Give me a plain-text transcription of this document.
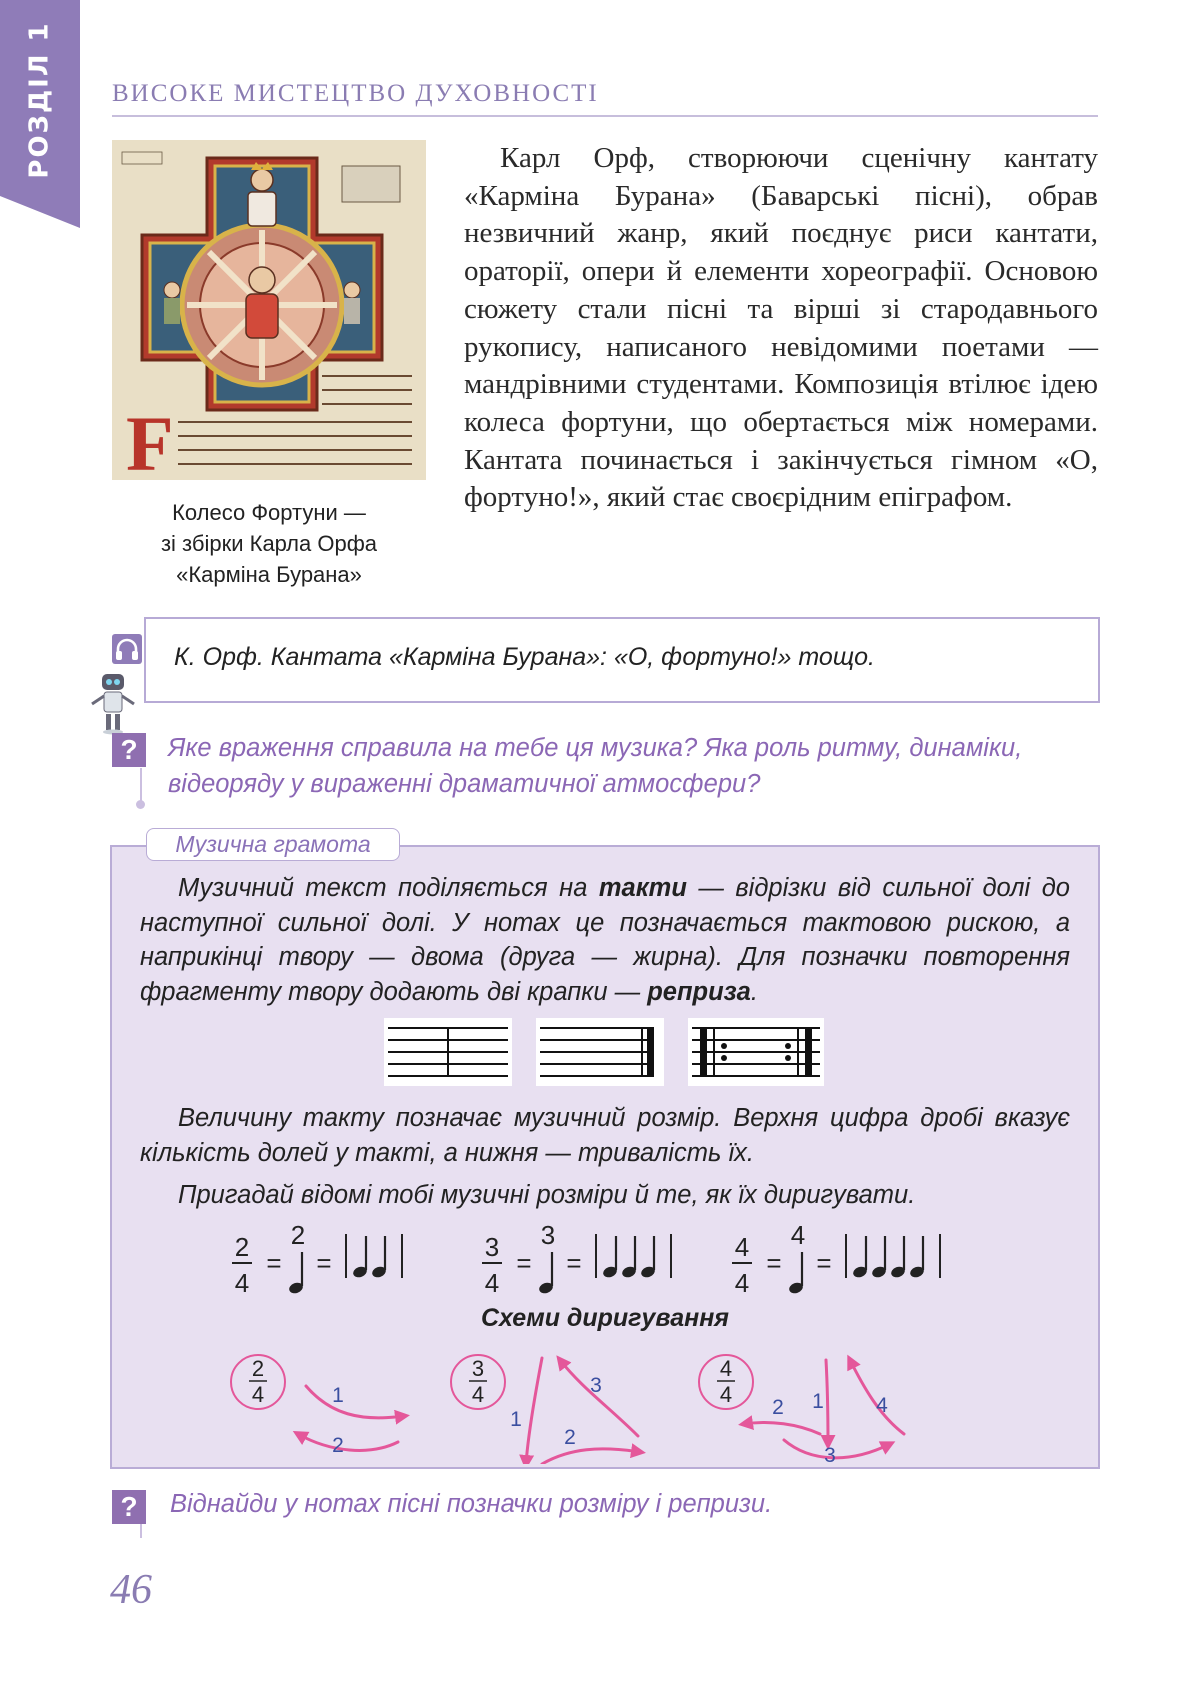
РОЗДІЛ 1 ВИСОКЕ МИСТЕЦТВО ДУХОВНОСТІ
F
Колесо Фортуни —
зі збірки Карла Орфа
«Карміна Бурана»

Карл Орф, створюючи сценічну кантату «Карміна Бурана» (Баварські пісні), обрав незвичний жанр, який поєднує риси кантати, ораторії, опери й елементи хореографії. Основою сюжету стали пісні та вірші зі стародавнього рукопису, написаного невідомими поетами — мандрівними студентами. Композиція втілює ідею колеса фортуни, що обертається між номерами. Кантата починається і закінчується гімном «О, фортуно!», який стає своєрідним епіграфом.

К. Орф. Кантата «Карміна Бурана»: «О, фортуно!» тощо.
?	Яке враження справила на тебе ця музика? Яка роль ритму, динаміки, відеоряду у вираженні драматичної атмосфери?
Музична грамота

Музичний текст поділяється на такти — відрізки від сильної долі до наступної сильної долі. У нотах це позначається тактовою рискою, а наприкінці твору — двома (друга — жирна). Для позначки повторення фрагменту твору додають дві крапки — реприза.

Величину такту позначає музичний розмір. Верхня цифра дробі вказує кількість долей у такті, а нижня — тривалість їх.

Пригадай відомі тобі музичні розміри й те, як їх диригувати.

2
4
=
2
=
3
4
=
3
=
4
4
=
4
=
Схеми диригування
2
4	1
2
3
4
1
2
3
4
4	1
2
3
4
?	Віднайди у нотах пісні позначки розміру і репризи.
46
